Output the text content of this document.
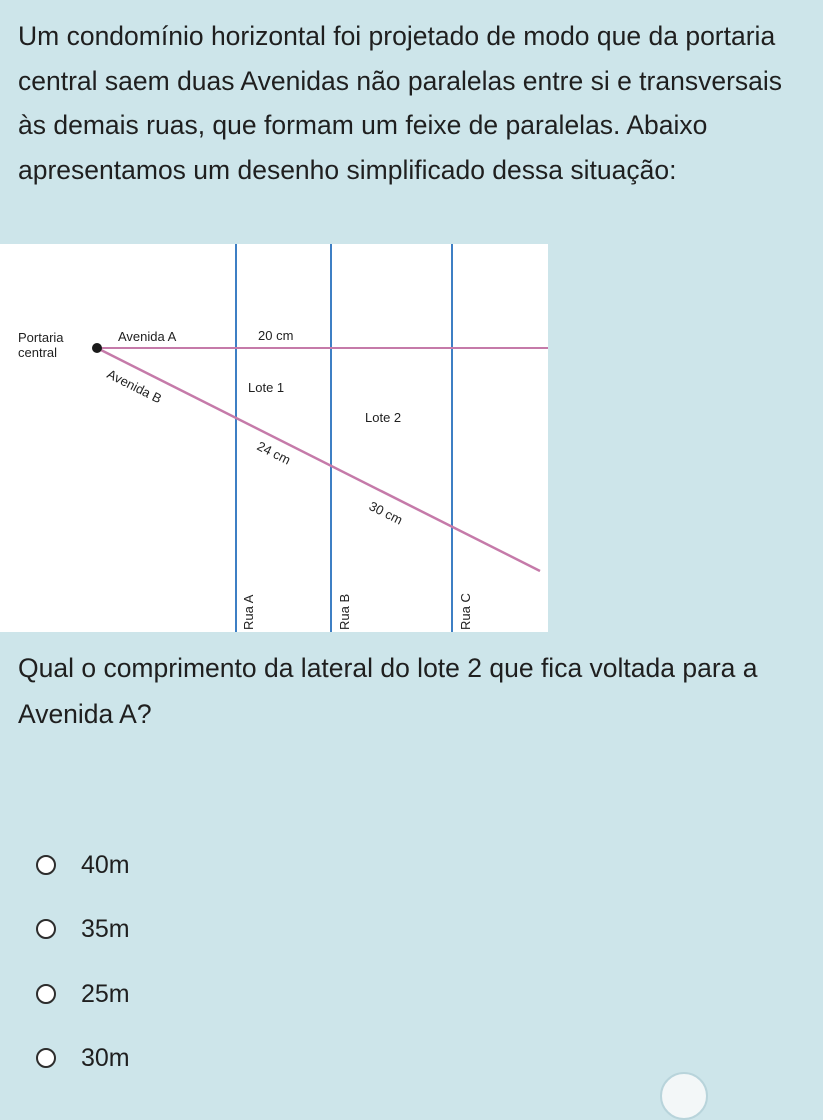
Um condomínio horizontal foi projetado de modo que da portaria central saem duas Avenidas não paralelas entre si e transversais às demais ruas, que formam um feixe de paralelas. Abaixo apresentamos um desenho simplificado dessa situação:

Portaria central
Avenida A	20 cm
Avenida B	Lote 1
Lote 2
24 cm
30 cm
Rua A	Rua B	Rua C

Qual o comprimento da lateral do lote 2 que fica voltada para a
Avenida A?

40m
35m
25m
30m
